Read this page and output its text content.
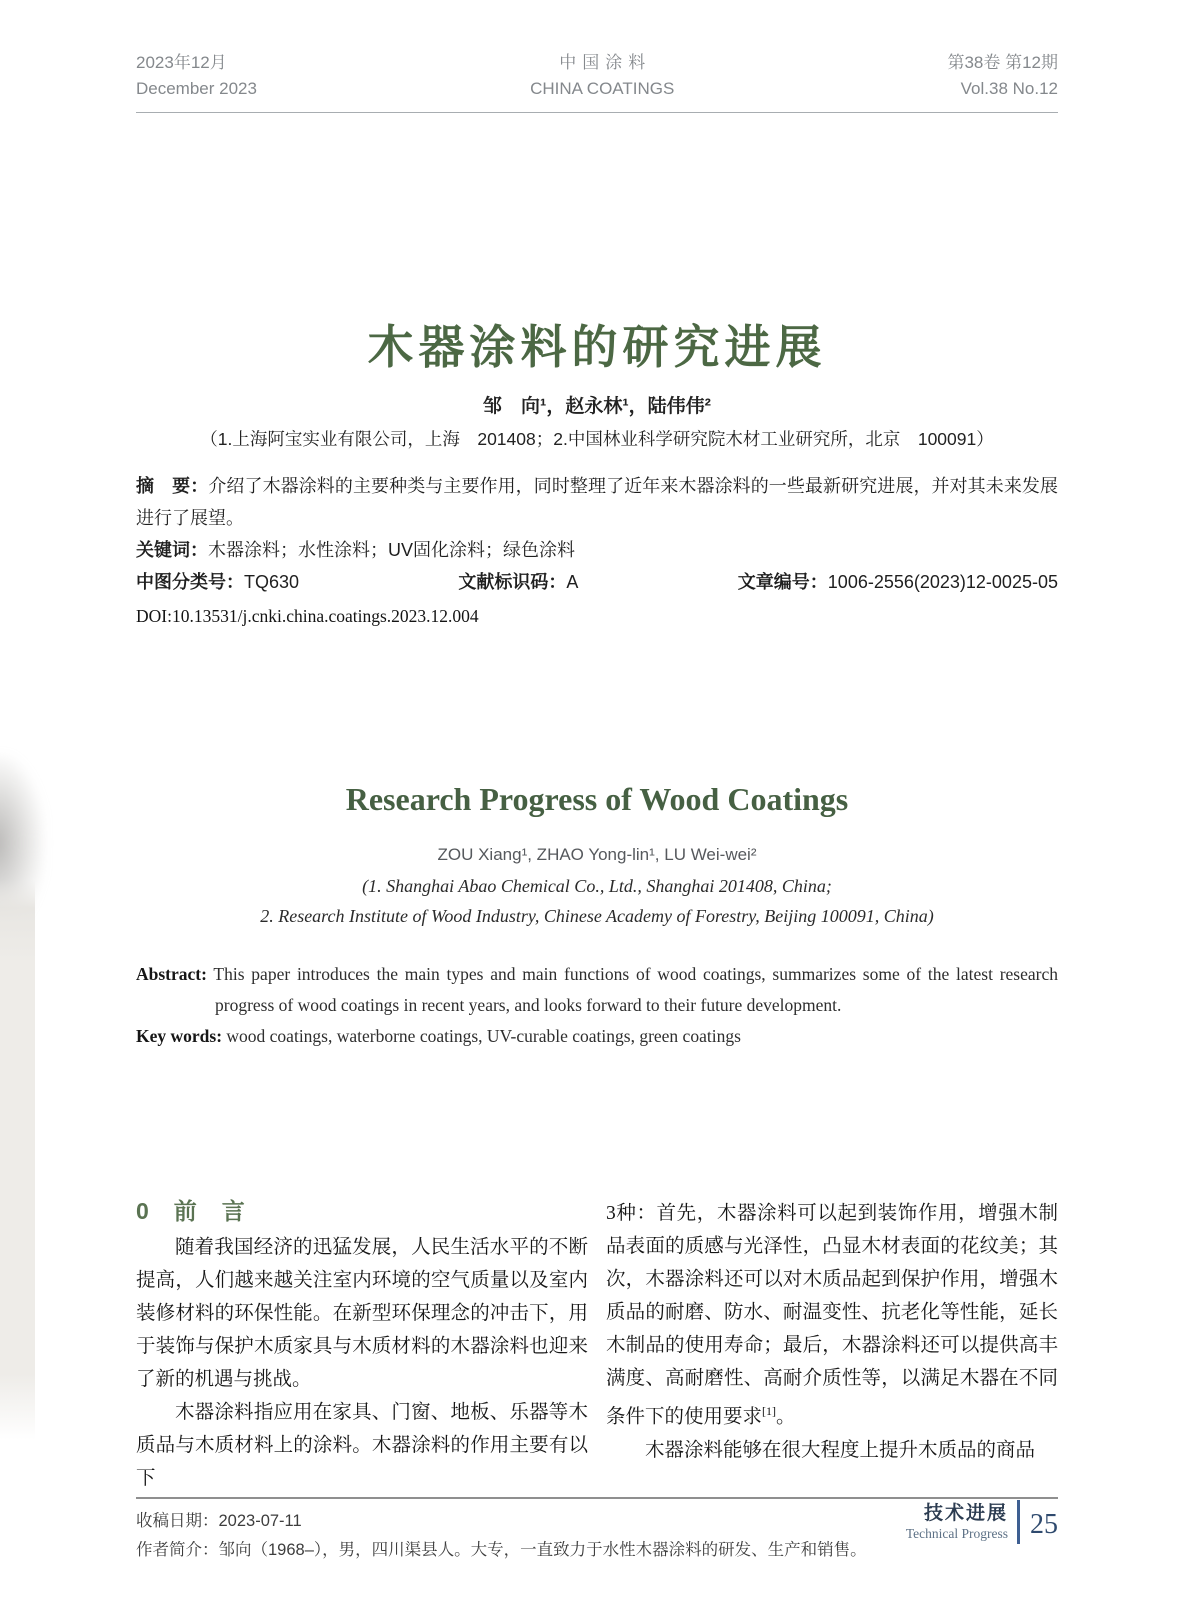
2023年12月
December 2023
中国涂料
CHINA COATINGS
第38卷 第12期
Vol.38 No.12
木器涂料的研究进展
邹　向¹，赵永林¹，陆伟伟²
（1.上海阿宝实业有限公司，上海　201408；2.中国林业科学研究院木材工业研究所，北京　100091）

摘　要：介绍了木器涂料的主要种类与主要作用，同时整理了近年来木器涂料的一些最新研究进展，并对其未来发展进行了展望。

关键词：木器涂料；水性涂料；UV固化涂料；绿色涂料

中图分类号：TQ630	文献标识码：A	文章编号：1006-2556(2023)12-0025-05

DOI:10.13531/j.cnki.china.coatings.2023.12.004

Research Progress of Wood Coatings
ZOU Xiang¹, ZHAO Yong-lin¹, LU Wei-wei²
(1. Shanghai Abao Chemical Co., Ltd., Shanghai 201408, China;
2. Research Institute of Wood Industry, Chinese Academy of Forestry, Beijing 100091, China)

Abstract: This paper introduces the main types and main functions of wood coatings, summarizes some of the latest research progress of wood coatings in recent years, and looks forward to their future development.

Key words: wood coatings, waterborne coatings, UV-curable coatings, green coatings

0　前　言

随着我国经济的迅猛发展，人民生活水平的不断提高，人们越来越关注室内环境的空气质量以及室内装修材料的环保性能。在新型环保理念的冲击下，用于装饰与保护木质家具与木质材料的木器涂料也迎来了新的机遇与挑战。

木器涂料指应用在家具、门窗、地板、乐器等木质品与木质材料上的涂料。木器涂料的作用主要有以下

3种：首先，木器涂料可以起到装饰作用，增强木制品表面的质感与光泽性，凸显木材表面的花纹美；其次，木器涂料还可以对木质品起到保护作用，增强木质品的耐磨、防水、耐温变性、抗老化等性能，延长木制品的使用寿命；最后，木器涂料还可以提供高丰满度、高耐磨性、高耐介质性等，以满足木器在不同条件下的使用要求[1]。

木器涂料能够在很大程度上提升木质品的商品

收稿日期：2023-07-11

作者简介：邹向（1968–），男，四川渠县人。大专，一直致力于水性木器涂料的研发、生产和销售。

技术进展
Technical Progress 25
